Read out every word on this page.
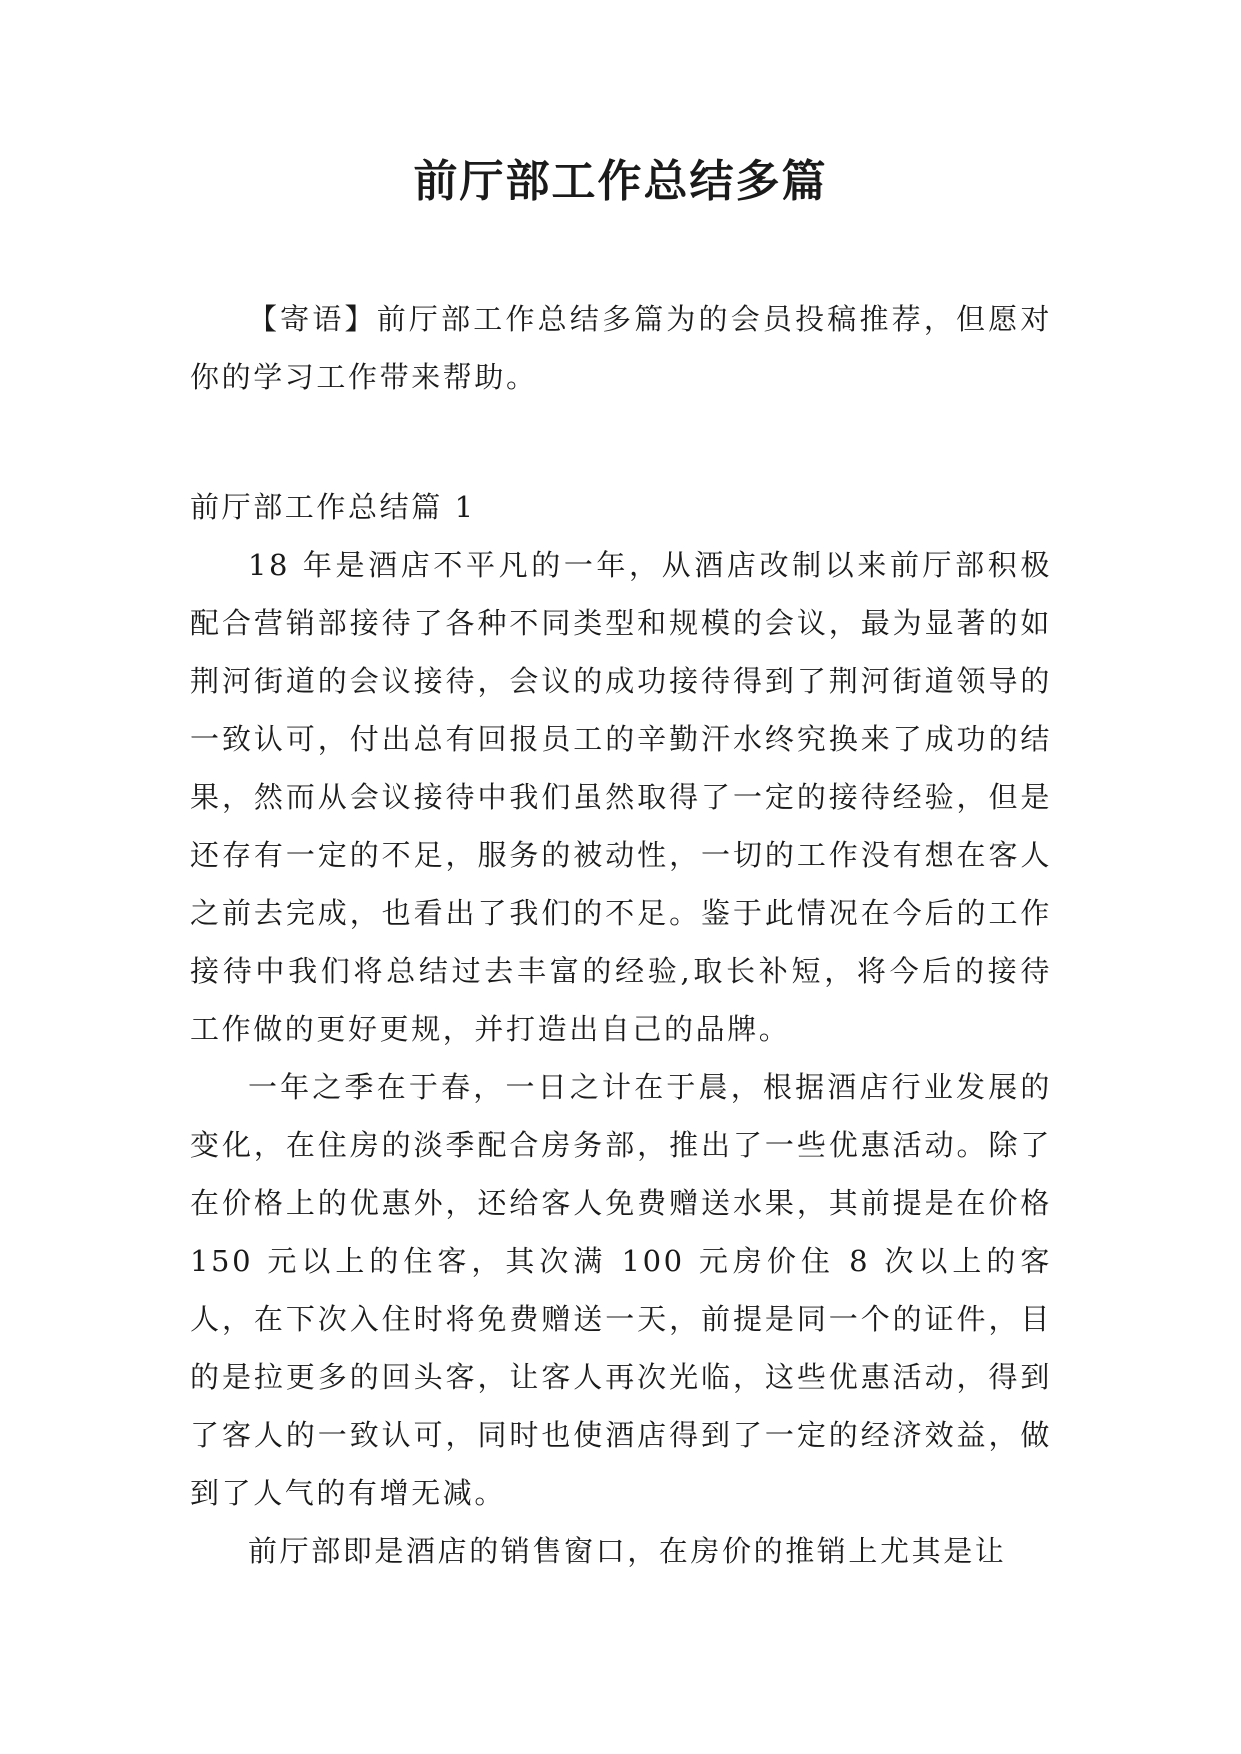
前厅部工作总结多篇

【寄语】前厅部工作总结多篇为的会员投稿推荐，但愿对你的学习工作带来帮助。

前厅部工作总结篇 1

18 年是酒店不平凡的一年，从酒店改制以来前厅部积极配合营销部接待了各种不同类型和规模的会议，最为显著的如荆河街道的会议接待，会议的成功接待得到了荆河街道领导的一致认可，付出总有回报员工的辛勤汗水终究换来了成功的结果，然而从会议接待中我们虽然取得了一定的接待经验，但是还存有一定的不足，服务的被动性，一切的工作没有想在客人之前去完成，也看出了我们的不足。鉴于此情况在今后的工作接待中我们将总结过去丰富的经验,取长补短，将今后的接待工作做的更好更规，并打造出自己的品牌。

一年之季在于春，一日之计在于晨，根据酒店行业发展的变化，在住房的淡季配合房务部，推出了一些优惠活动。除了在价格上的优惠外，还给客人免费赠送水果，其前提是在价格 150 元以上的住客，其次满 100 元房价住 8 次以上的客人，在下次入住时将免费赠送一天，前提是同一个的证件，目的是拉更多的回头客，让客人再次光临，这些优惠活动，得到了客人的一致认可，同时也使酒店得到了一定的经济效益，做到了人气的有增无减。

前厅部即是酒店的销售窗口，在房价的推销上尤其是让
